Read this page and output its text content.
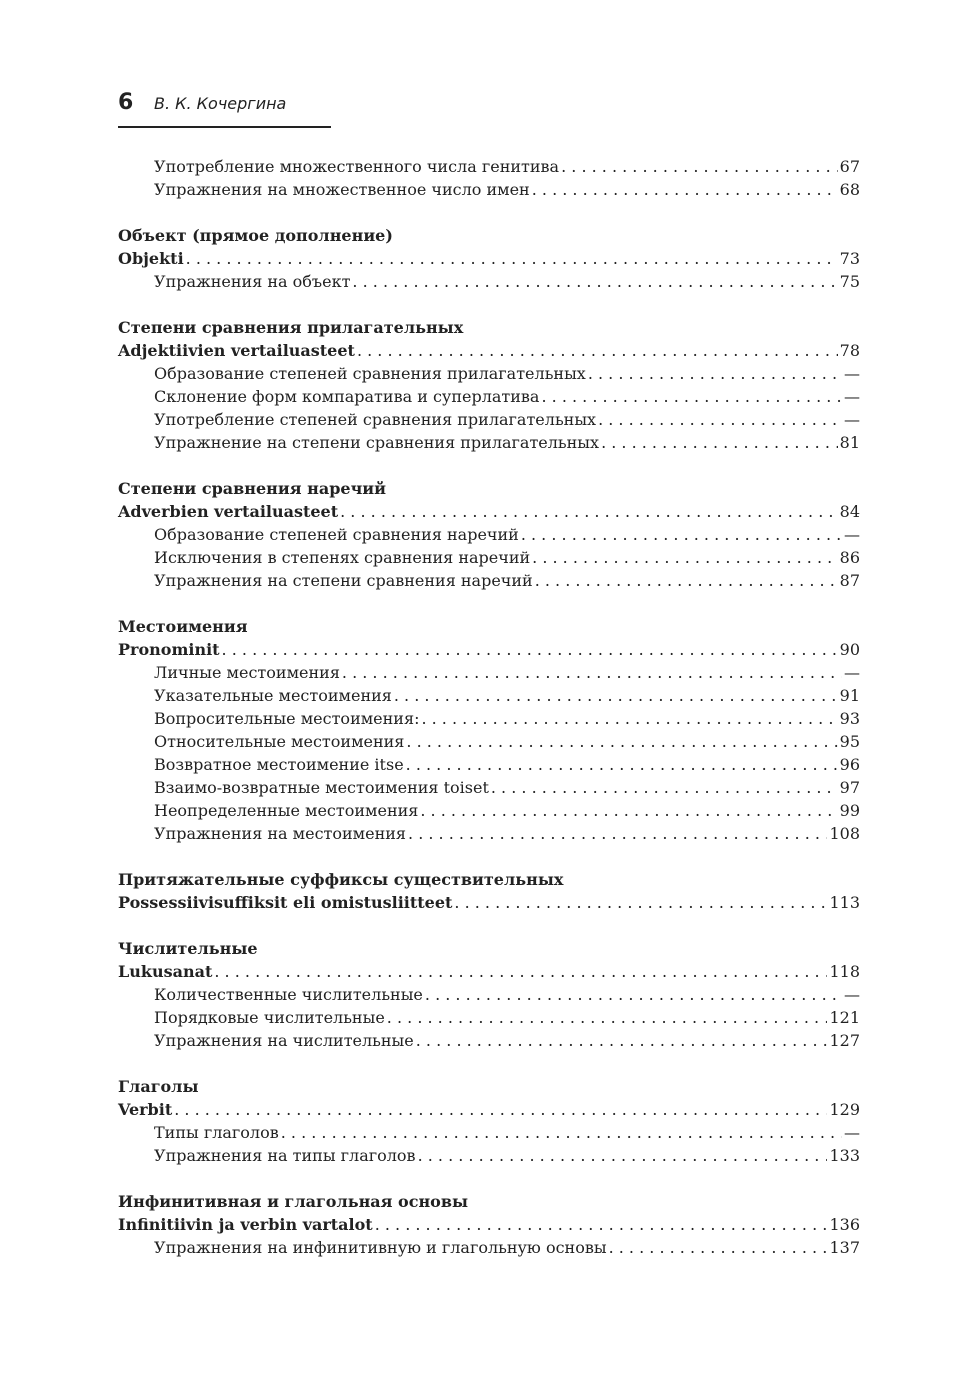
6 В. К. Кочергина
Употребление множественного числа генитива . . .	67
Упражнения на множественное число имен . . .	68
Объект (прямое дополнение)
Objekti . . .	73
Упражнения на объект . . .	75
Степени сравнения прилагательных
Adjektiivien vertailuasteet . . .	78
Образование степеней сравнения прилагательных . . .	—
Склонение форм компаратива и суперлатива . . .	—
Употребление степеней сравнения прилагательных . . .	—
Упражнение на степени сравнения прилагательных . . .	81
Степени сравнения наречий
Adverbien vertailuasteet . . .	84
Образование степеней сравнения наречий . . .	—
Исключения в степенях сравнения наречий . . .	86
Упражнения на степени сравнения наречий . . .	87
Местоимения
Pronominit . . .	90
Личные местоимения . . .	—
Указательные местоимения . . .	91
Вопросительные местоимения: . . .	93
Относительные местоимения . . .	95
Возвратное местоимение itse . . .	96
Взаимо-возвратные местоимения toiset . . .	97
Неопределенные местоимения . . .	99
Упражнения на местоимения . . .	108
Притяжательные суффиксы существительных
Possessiivisuffiksit eli omistusliitteet . . .	113
Числительные
Lukusanat . . .	118
Количественные числительные . . .	—
Порядковые числительные . . .	121
Упражнения на числительные . . .	127
Глаголы
Verbit . . .	129
Типы глаголов . . .	—
Упражнения на типы глаголов . . .	133
Инфинитивная и глагольная основы
Infinitiivin ja verbin vartalot . . .	136
Упражнения на инфинитивную и глагольную основы . . .	137
